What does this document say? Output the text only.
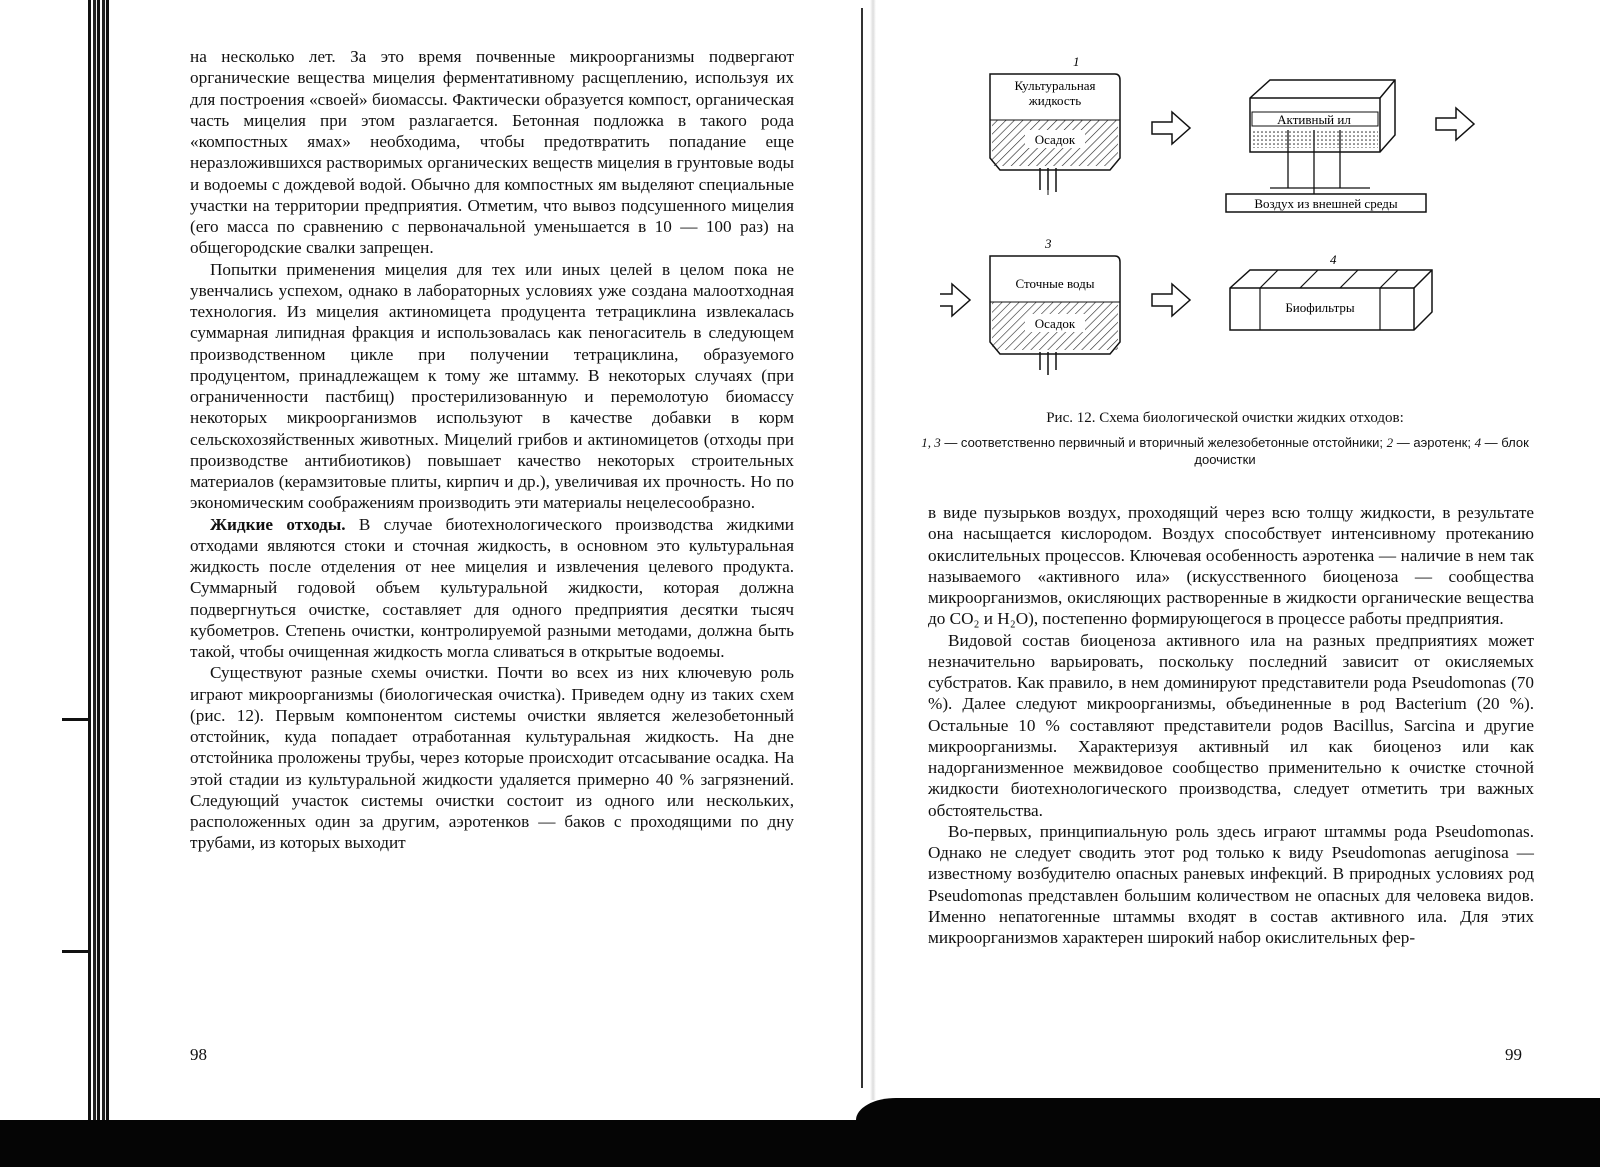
на несколько лет. За это время почвенные микроорганизмы подвергают органические вещества мицелия ферментативному расщеплению, используя их для построения «своей» биомассы. Фактически образуется компост, органическая часть мицелия при этом разлагается. Бетонная подложка в такого рода «компостных ямах» необходима, чтобы предотвратить попадание еще неразложившихся растворимых органических веществ мицелия в грунтовые воды и водоемы с дождевой водой. Обычно для компостных ям выделяют специальные участки на территории предприятия. Отметим, что вывоз подсушенного мицелия (его масса по сравнению с первоначальной уменьшается в 10 — 100 раз) на общегородские свалки запрещен.

Попытки применения мицелия для тех или иных целей в целом пока не увенчались успехом, однако в лабораторных условиях уже создана малоотходная технология. Из мицелия актиномицета продуцента тетрациклина извлекалась суммарная липидная фракция и использовалась как пеногаситель в следующем производственном цикле при получении тетрациклина, образуемого продуцентом, принадлежащем к тому же штамму. В некоторых случаях (при ограниченности пастбищ) простерилизованную и перемолотую биомассу некоторых микроорганизмов используют в качестве добавки в корм сельскохозяйственных животных. Мицелий грибов и актиномицетов (отходы при производстве антибиотиков) повышает качество некоторых строительных материалов (керамзитовые плиты, кирпич и др.), увеличивая их прочность. Но по экономическим соображениям производить эти материалы нецелесообразно.

Жидкие отходы. В случае биотехнологического производства жидкими отходами являются стоки и сточная жидкость, в основном это культуральная жидкость после отделения от нее мицелия и извлечения целевого продукта. Суммарный годовой объем культуральной жидкости, которая должна подвергнуться очистке, составляет для одного предприятия десятки тысяч кубометров. Степень очистки, контролируемой разными методами, должна быть такой, чтобы очищенная жидкость могла сливаться в открытые водоемы.

Существуют разные схемы очистки. Почти во всех из них ключевую роль играют микроорганизмы (биологическая очистка). Приведем одну из таких схем (рис. 12). Первым компонентом системы очистки является железобетонный отстойник, куда попадает отработанная культуральная жидкость. На дне отстойника проложены трубы, через которые происходит отсасывание осадка. На этой стадии из культуральной жидкости удаляется примерно 40 % загрязнений. Следующий участок системы очистки состоит из одного или нескольких, расположенных один за другим, аэротенков — баков с проходящими по дну трубами, из которых выходит

98
1
Культуральная
жидкость
Осадок
Активный ил
Воздух из внешней среды
3
Сточные воды
Осадок
4
Биофильтры
Рис. 12. Схема биологической очистки жидких отходов:
1, 3 — соответственно первичный и вторичный железобетонные отстойники; 2 — аэротенк; 4 — блок доочистки

в виде пузырьков воздух, проходящий через всю толщу жидкости, в результате она насыщается кислородом. Воздух способствует интенсивному протеканию окислительных процессов. Ключевая особенность аэротенка — наличие в нем так называемого «активного ила» (искусственного биоценоза — сообщества микроорганизмов, окисляющих растворенные в жидкости органические вещества до CO₂ и H₂O), постепенно формирующегося в процессе работы предприятия.

Видовой состав биоценоза активного ила на разных предприятиях может незначительно варьировать, поскольку последний зависит от окисляемых субстратов. Как правило, в нем доминируют представители рода Pseudomonas (70 %). Далее следуют микроорганизмы, объединенные в род Bacterium (20 %). Остальные 10 % составляют представители родов Bacillus, Sarcina и другие микроорганизмы. Характеризуя активный ил как биоценоз или как надорганизменное межвидовое сообщество применительно к очистке сточной жидкости биотехнологического производства, следует отметить три важных обстоятельства.

Во-первых, принципиальную роль здесь играют штаммы рода Pseudomonas. Однако не следует сводить этот род только к виду Pseudomonas aeruginosa — известному возбудителю опасных раневых инфекций. В природных условиях род Pseudomonas представлен большим количеством не опасных для человека видов. Именно непатогенные штаммы входят в состав активного ила. Для этих микроорганизмов характерен широкий набор окислительных фер-

99
